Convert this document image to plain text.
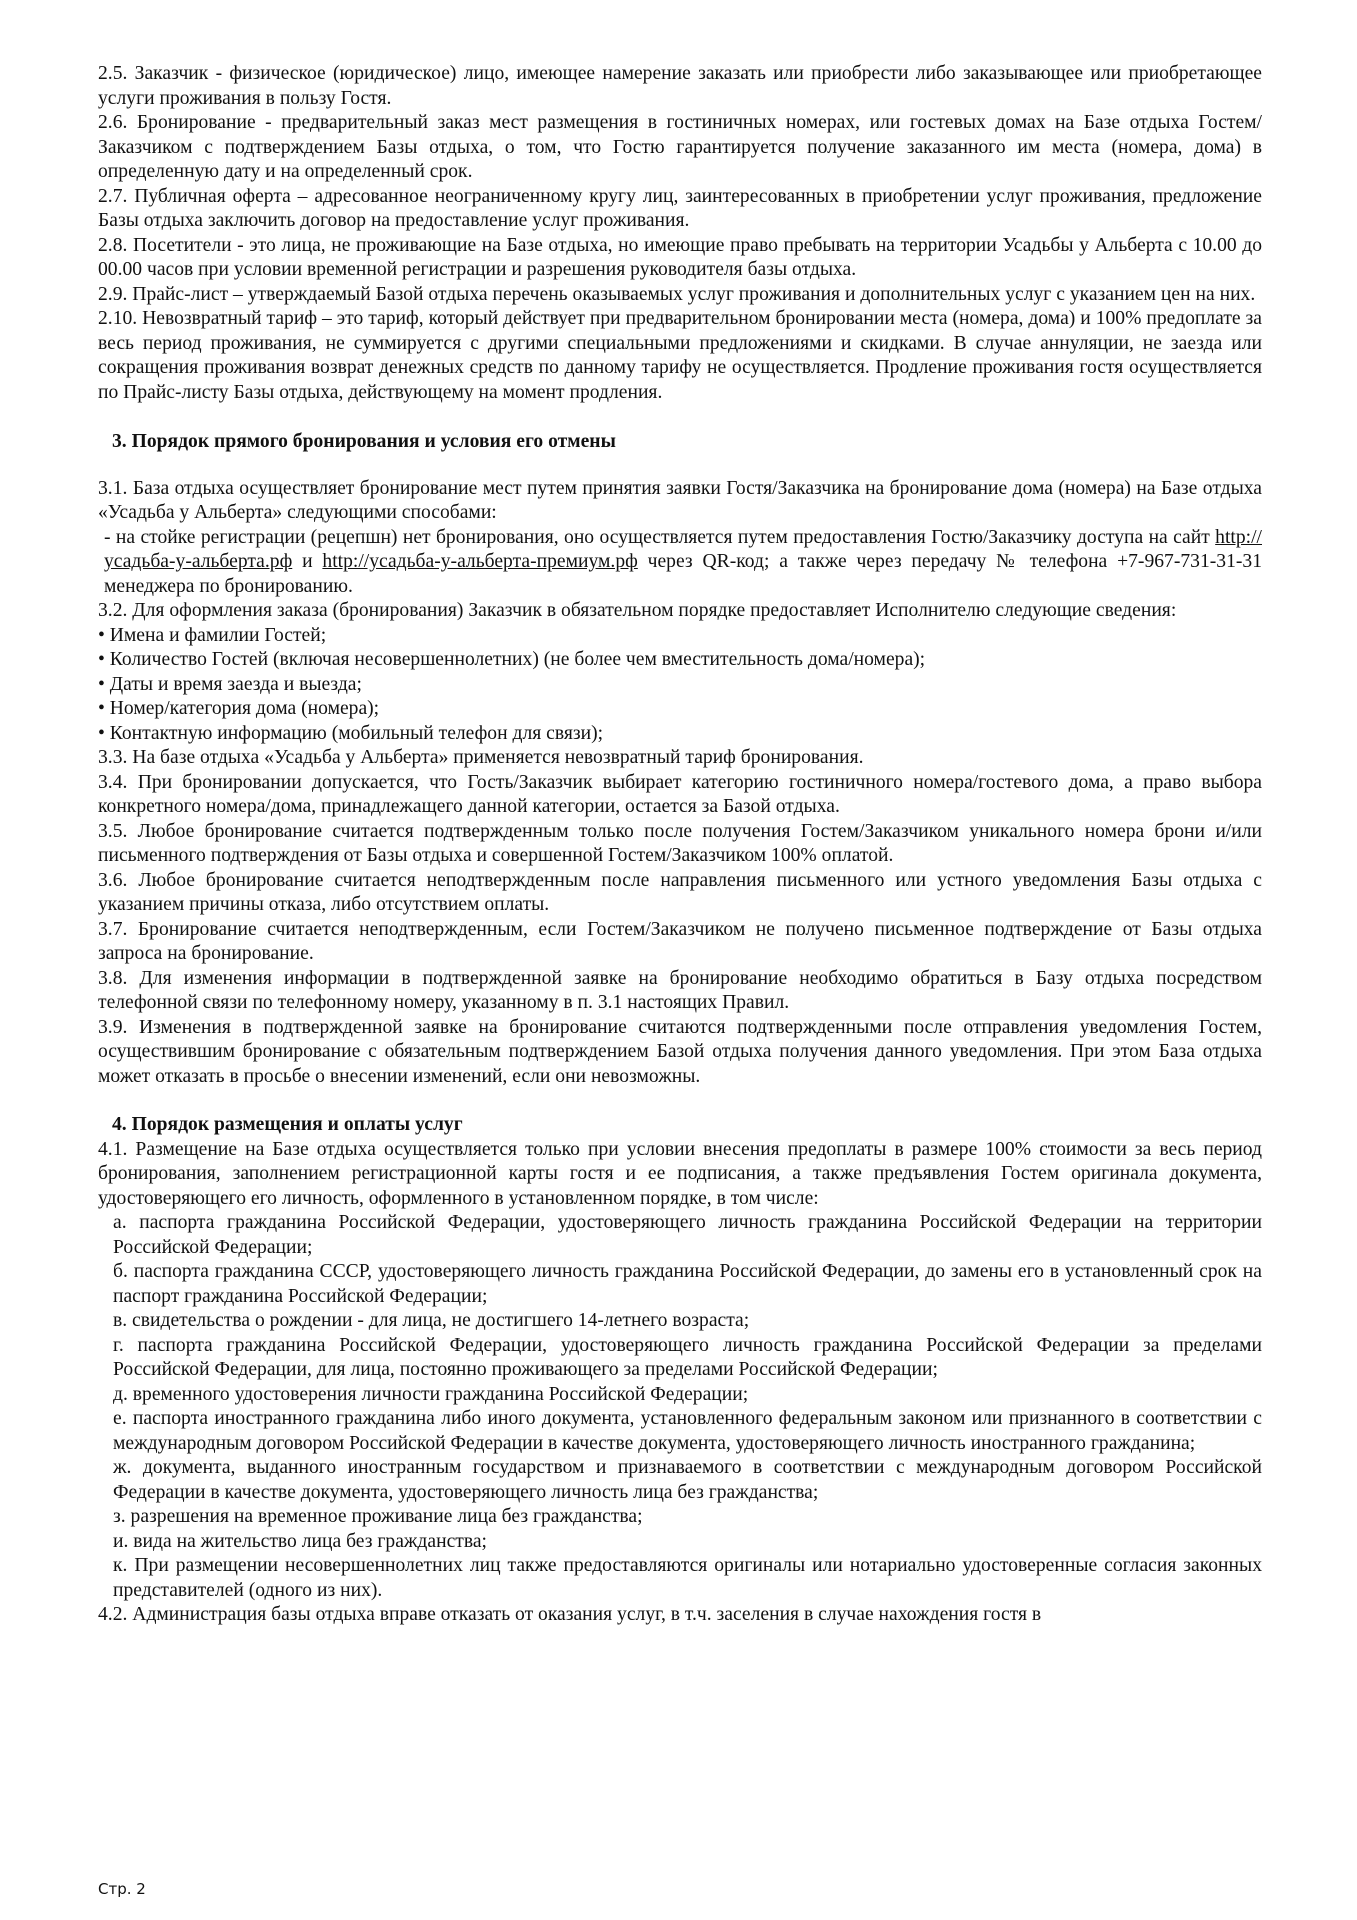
2.5. Заказчик - физическое (юридическое) лицо, имеющее намерение заказать или приобрести либо заказывающее или приобретающее услуги проживания в пользу Гостя.

2.6. Бронирование - предварительный заказ мест размещения в гостиничных номерах, или гостевых домах на Базе отдыха Гостем/Заказчиком с подтверждением Базы отдыха, о том, что Гостю гарантируется получение заказанного им места (номера, дома) в определенную дату и на определенный срок.

2.7. Публичная оферта – адресованное неограниченному кругу лиц, заинтересованных в приобретении услуг проживания, предложение Базы отдыха заключить договор на предоставление услуг проживания.

2.8. Посетители - это лица, не проживающие на Базе отдыха, но имеющие право пребывать на территории Усадьбы у Альберта с 10.00 до 00.00 часов при условии временной регистрации и разрешения руководителя базы отдыха.

2.9. Прайс-лист – утверждаемый Базой отдыха перечень оказываемых услуг проживания и дополнительных услуг с указанием цен на них.

2.10. Невозвратный тариф – это тариф, который действует при предварительном бронировании места (номера, дома) и 100% предоплате за весь период проживания, не суммируется с другими специальными предложениями и скидками. В случае аннуляции, не заезда или сокращения проживания возврат денежных средств по данному тарифу не осуществляется. Продление проживания гостя осуществляется по Прайс-листу Базы отдыха, действующему на момент продления.

3. Порядок прямого бронирования и условия его отмены

3.1. База отдыха осуществляет бронирование мест путем принятия заявки Гостя/Заказчика на бронирование дома (номера) на Базе отдыха «Усадьба у Альберта» следующими способами:

- на стойке регистрации (рецепшн) нет бронирования, оно осуществляется путем предоставления Гостю/Заказчику доступа на сайт http://усадьба-у-альберта.рф и http://усадьба-у-альберта-премиум.рф через QR-код; а также через передачу № телефона +7-967-731-31-31 менеджера по бронированию.

3.2. Для оформления заказа (бронирования) Заказчик в обязательном порядке предоставляет Исполнителю следующие сведения:

• Имена и фамилии Гостей;

• Количество Гостей (включая несовершеннолетних) (не более чем вместительность дома/номера);

• Даты и время заезда и выезда;

• Номер/категория дома (номера);

• Контактную информацию (мобильный телефон для связи);

3.3. На базе отдыха «Усадьба у Альберта» применяется невозвратный тариф бронирования.

3.4. При бронировании допускается, что Гость/Заказчик выбирает категорию гостиничного номера/гостевого дома, а право выбора конкретного номера/дома, принадлежащего данной категории, остается за Базой отдыха.

3.5. Любое бронирование считается подтвержденным только после получения Гостем/Заказчиком уникального номера брони и/или письменного подтверждения от Базы отдыха и совершенной Гостем/Заказчиком 100% оплатой.

3.6. Любое бронирование считается неподтвержденным после направления письменного или устного уведомления Базы отдыха с указанием причины отказа, либо отсутствием оплаты.

3.7. Бронирование считается неподтвержденным, если Гостем/Заказчиком не получено письменное подтверждение от Базы отдыха запроса на бронирование.

3.8. Для изменения информации в подтвержденной заявке на бронирование необходимо обратиться в Базу отдыха посредством телефонной связи по телефонному номеру, указанному в п. 3.1 настоящих Правил.

3.9. Изменения в подтвержденной заявке на бронирование считаются подтвержденными после отправления уведомления Гостем, осуществившим бронирование с обязательным подтверждением Базой отдыха получения данного уведомления. При этом База отдыха может отказать в просьбе о внесении изменений, если они невозможны.

4. Порядок размещения и оплаты услуг

4.1. Размещение на Базе отдыха осуществляется только при условии внесения предоплаты в размере 100% стоимости за весь период бронирования, заполнением регистрационной карты гостя и ее подписания, а также предъявления Гостем оригинала документа, удостоверяющего его личность, оформленного в установленном порядке, в том числе:

а. паспорта гражданина Российской Федерации, удостоверяющего личность гражданина Российской Федерации на территории Российской Федерации;

б. паспорта гражданина СССР, удостоверяющего личность гражданина Российской Федерации, до замены его в установленный срок на паспорт гражданина Российской Федерации;

в. свидетельства о рождении - для лица, не достигшего 14-летнего возраста;

г. паспорта гражданина Российской Федерации, удостоверяющего личность гражданина Российской Федерации за пределами Российской Федерации, для лица, постоянно проживающего за пределами Российской Федерации;

д. временного удостоверения личности гражданина Российской Федерации;

е. паспорта иностранного гражданина либо иного документа, установленного федеральным законом или признанного в соответствии с международным договором Российской Федерации в качестве документа, удостоверяющего личность иностранного гражданина;

ж. документа, выданного иностранным государством и признаваемого в соответствии с международным договором Российской Федерации в качестве документа, удостоверяющего личность лица без гражданства;

з. разрешения на временное проживание лица без гражданства;

и. вида на жительство лица без гражданства;

к. При размещении несовершеннолетних лиц также предоставляются оригиналы или нотариально удостоверенные согласия законных представителей (одного из них).

4.2. Администрация базы отдыха вправе отказать от оказания услуг, в т.ч. заселения в случае нахождения гостя в

Стр. 2
